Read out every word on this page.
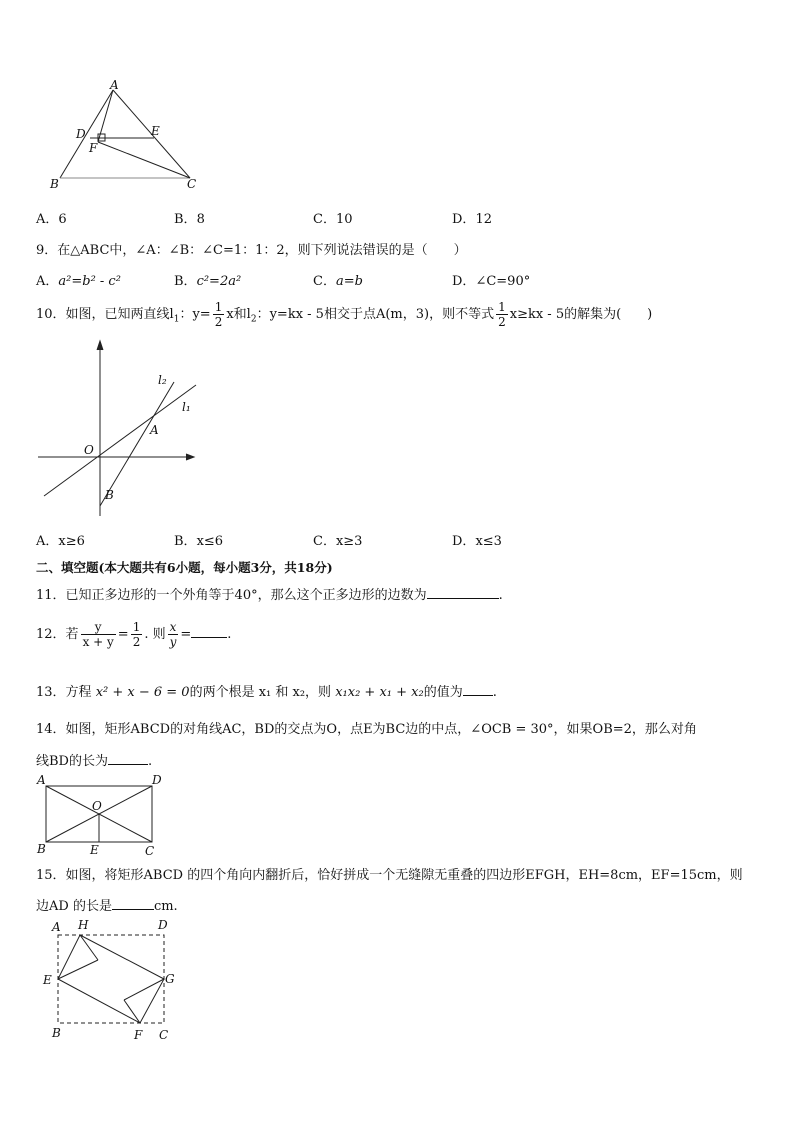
A
D	E
F
B	C
A．6	B．8	C．10	D．12
9．在△ABC中，∠A：∠B：∠C=1：1：2，则下列说法错误的是（　　）
A．a²=b² - c²	B．c²=2a²	C．a=b	D．∠C=90°
10．如图，已知两直线$l_1$：$y= \frac{1}{2}$ x和$l_2$：y=kx - 5相交于点A(m，3)，则不等式 $\frac{1}{2} x\ge kx - 5$的解集为(　　)
l₂
l₁
A
O
B
A．x≥6	B．x≤6	C．x≥3	D．x≤3
二、填空题(本大题共有6小题，每小题3分，共18分)
11．已知正多边形的一个外角等于40°，那么这个正多边形的边数为	.
12．若 $\frac{y}{x + y} = \frac{1}{2}$ . 则 $\frac{x}{y}$ =	.
13．方程 x² + x − 6 = 0的两个根是 x₁ 和 x₂，则 x₁x₂ + x₁ + x₂的值为 .
14．如图，矩形ABCD的对角线AC，BD的交点为O，点E为BC边的中点，∠OCB = 30°，如果OB=2，那么对角
线BD的长为	.
A	D
O
B	E	C
15．如图，将矩形ABCD 的四个角向内翻折后，恰好拼成一个无缝隙无重叠的四边形EFGH，EH=8cm，EF=15cm，则
边AD 的长是	cm.
A H	D
E	G
B	F C
